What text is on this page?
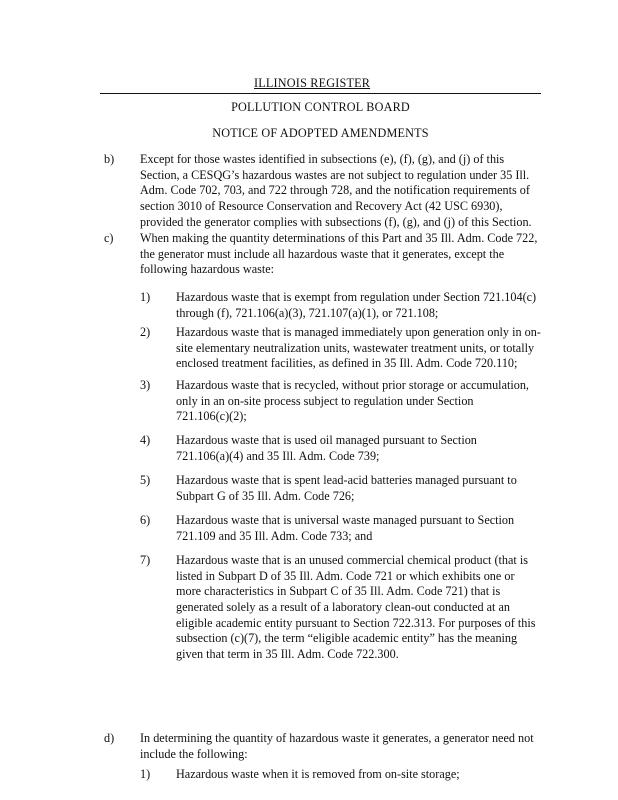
ILLINOIS REGISTER
POLLUTION CONTROL BOARD
NOTICE OF ADOPTED AMENDMENTS
b) Except for those wastes identified in subsections (e), (f), (g), and (j) of this
Section, a CESQG’s hazardous wastes are not subject to regulation under 35 Ill.
Adm. Code 702, 703, and 722 through 728, and the notification requirements of
section 3010 of Resource Conservation and Recovery Act (42 USC 6930),
provided the generator complies with subsections (f), (g), and (j) of this Section.
c) When making the quantity determinations of this Part and 35 Ill. Adm. Code 722,
the generator must include all hazardous waste that it generates, except the
following hazardous waste:
1) Hazardous waste that is exempt from regulation under Section 721.104(c)
through (f), 721.106(a)(3), 721.107(a)(1), or 721.108;
2) Hazardous waste that is managed immediately upon generation only in on-
site elementary neutralization units, wastewater treatment units, or totally
enclosed treatment facilities, as defined in 35 Ill. Adm. Code 720.110;
3) Hazardous waste that is recycled, without prior storage or accumulation,
only in an on-site process subject to regulation under Section
721.106(c)(2);
4) Hazardous waste that is used oil managed pursuant to Section
721.106(a)(4) and 35 Ill. Adm. Code 739;
5) Hazardous waste that is spent lead-acid batteries managed pursuant to
Subpart G of 35 Ill. Adm. Code 726;
6) Hazardous waste that is universal waste managed pursuant to Section
721.109 and 35 Ill. Adm. Code 733; and
7) Hazardous waste that is an unused commercial chemical product (that is
listed in Subpart D of 35 Ill. Adm. Code 721 or which exhibits one or
more characteristics in Subpart C of 35 Ill. Adm. Code 721) that is
generated solely as a result of a laboratory clean-out conducted at an
eligible academic entity pursuant to Section 722.313. For purposes of this
subsection (c)(7), the term “eligible academic entity” has the meaning
given that term in 35 Ill. Adm. Code 722.300.
d) In determining the quantity of hazardous waste it generates, a generator need not
include the following:
1) Hazardous waste when it is removed from on-site storage;
